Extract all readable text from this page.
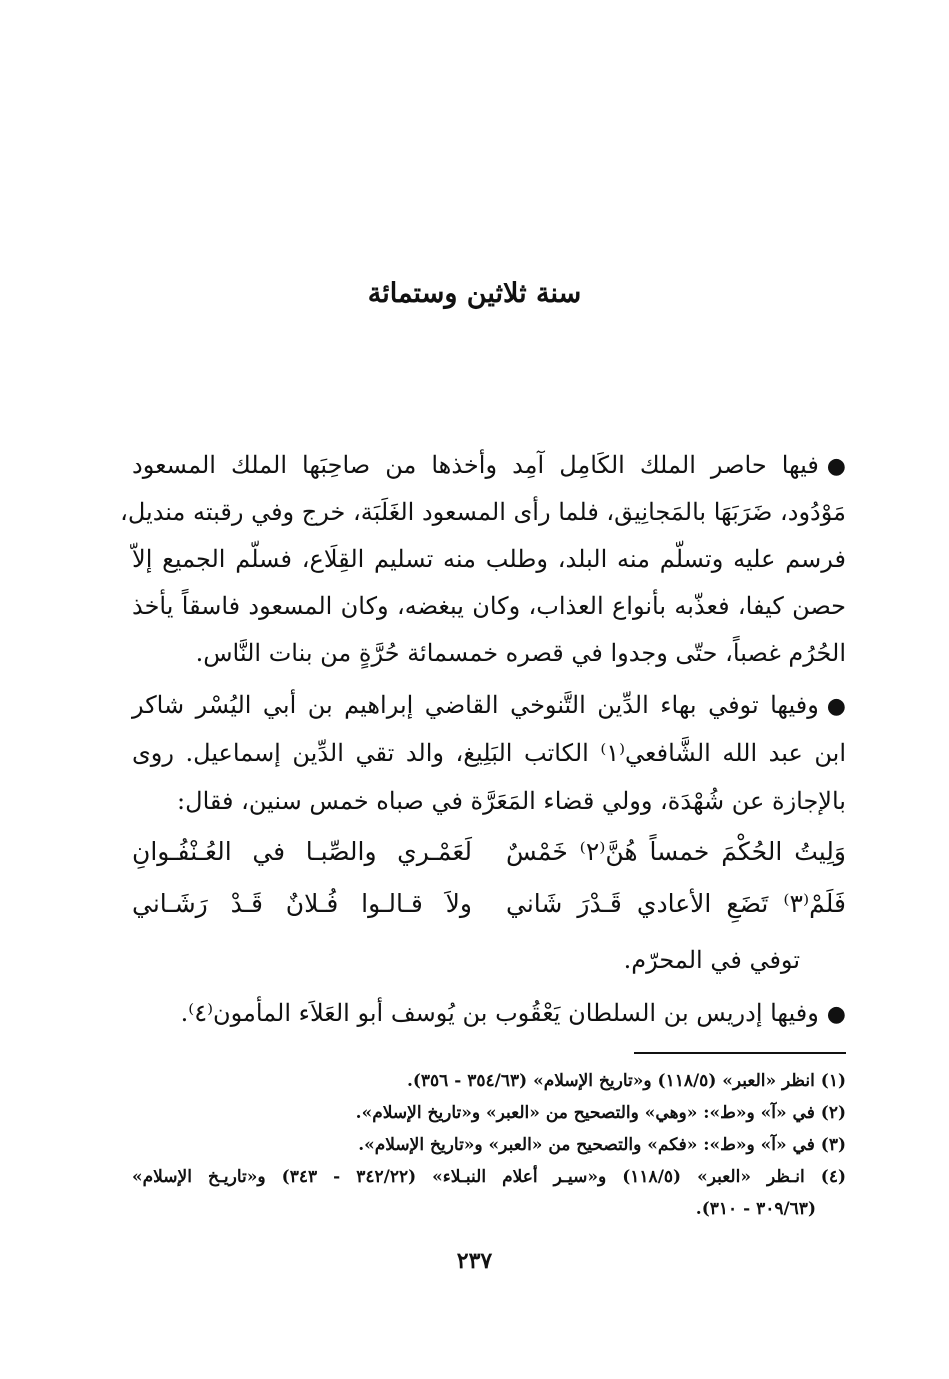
سنة ثلاثين وستمائة
●فيها حاصر الملك الكَامِل آمِد وأخذها من صاحِبَها الملك المسعود
مَوْدُود، ضَرَبَهَا بالمَجانِيق، فلما رأى المسعود الغَلَبَة، خرج وفي رقبته منديل،
فرسم عليه وتسلّم منه البلد، وطلب منه تسليم القِلَاع، فسلّم الجميع إلاّ
حصن كيفا، فعذّبه بأنواع العذاب، وكان يبغضه، وكان المسعود فاسقاً يأخذ
الحُرُم غصباً، حتّى وجدوا في قصره خمسمائة حُرَّةٍ من بنات النَّاس.
●وفيها توفي بهاء الدِّين التَّنوخي القاضي إبراهيم بن أبي اليُسْر شاكر
ابن عبد الله الشَّافعي⁽١⁾ الكاتب البَلِيغ، والد تقي الدِّين إسماعيل. روى
بالإجازة عن شُهْدَة، وولي قضاء المَعَرَّة في صباه خمس سنين، فقال:
وَلِيتُ الحُكْمَ خمساً هُنَّ⁽٢⁾ خَمْسٌ
لَعَمْـري والصِّبـا في العُـنْفُـوانِ
فَلَمْ⁽٣⁾ تَضَعِ الأعادي قَـدْرَ شَاني
ولاَ قـالـوا فُـلانٌ قَـدْ رَشَـاني
توفي في المحرّم.
●وفيها إدريس بن السلطان يَعْقُوب بن يُوسف أبو العَلاَء المأمون⁽٤⁾.
(١) انظر «العبر» (١١٨/٥) و«تاريخ الإسلام» (٣٥٤/٦٣ - ٣٥٦).
(٢) في «آ» و«ط»: «وهي» والتصحيح من «العبر» و«تاريخ الإسلام».
(٣) في «آ» و«ط»: «فكم» والتصحيح من «العبر» و«تاريخ الإسلام».
(٤) انـظر «العبر» (١١٨/٥) و«سيـر أعلام النبـلاء» (٣٤٢/٢٢ - ٣٤٣) و«تاريـخ الإسلام»
(٣٠٩/٦٣ - ٣١٠).
٢٣٧
